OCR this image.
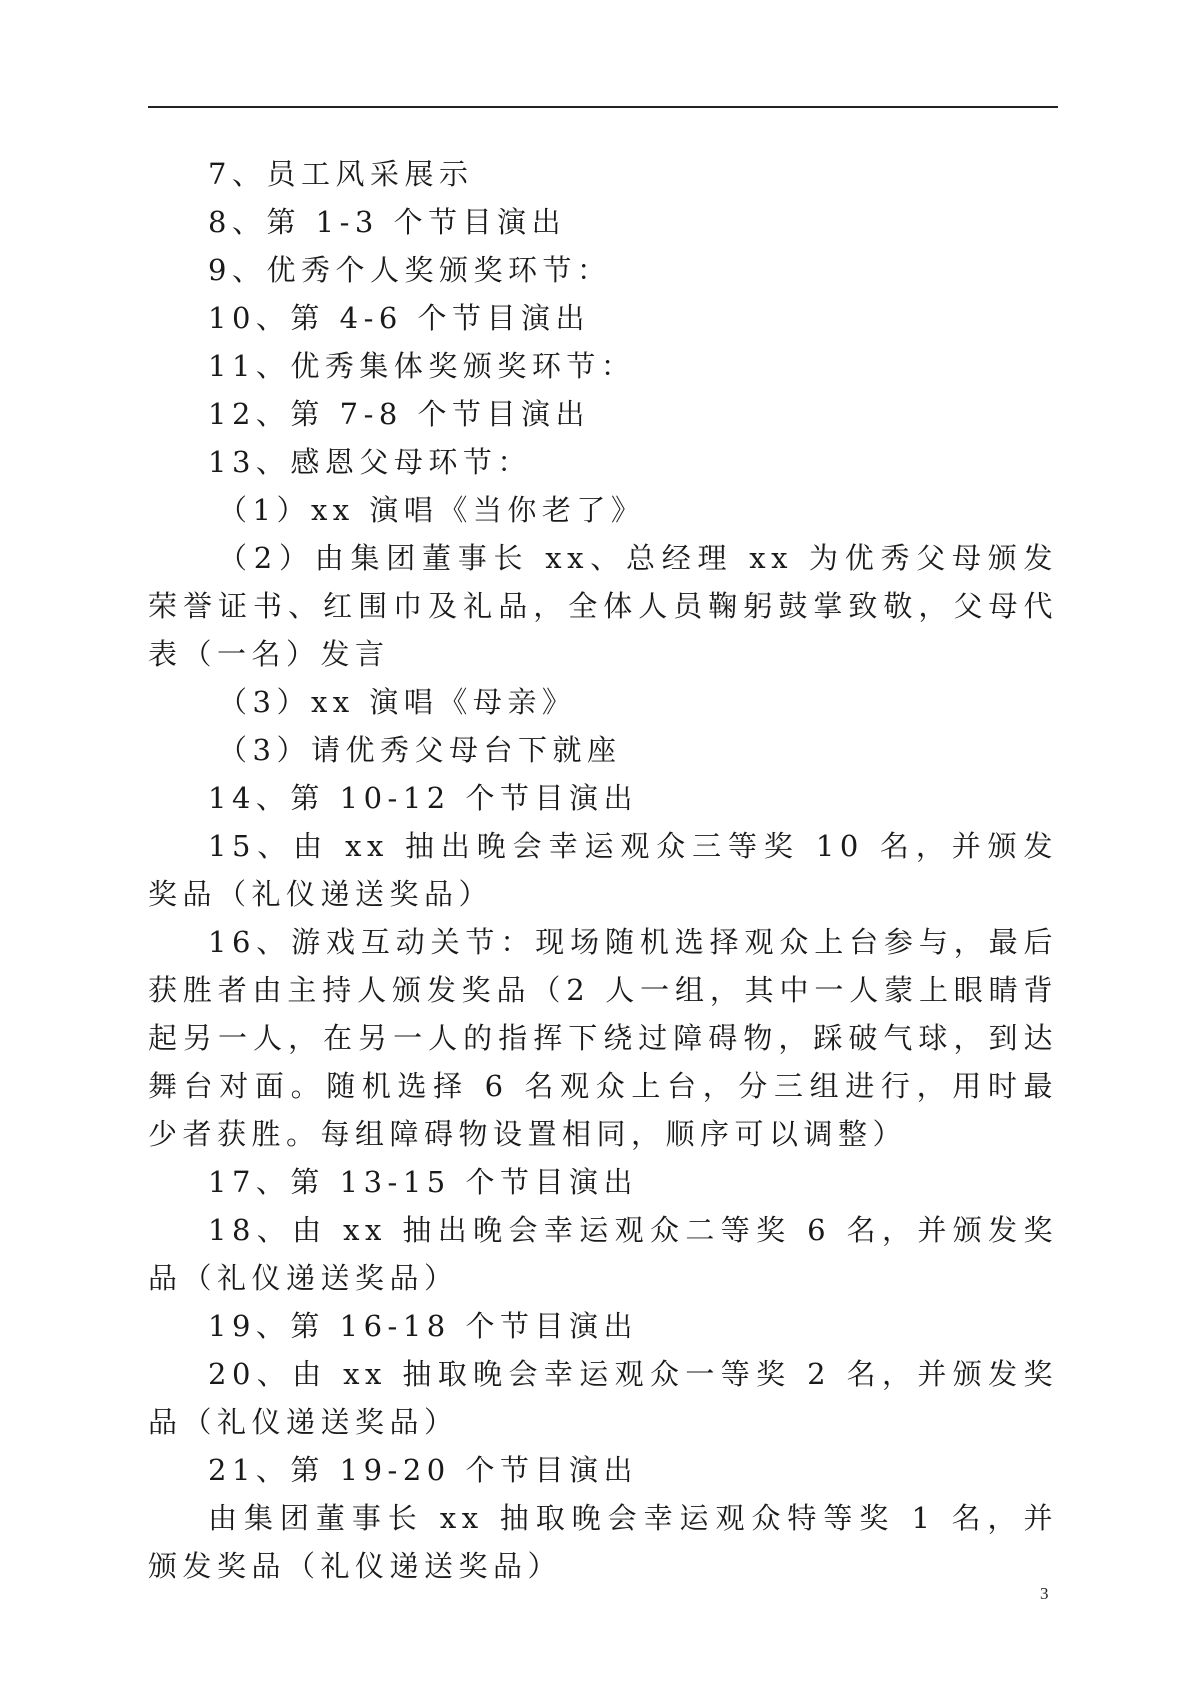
7、员工风采展示

8、第 1-3 个节目演出

9、优秀个人奖颁奖环节：

10、第 4-6 个节目演出

11、优秀集体奖颁奖环节：

12、第 7-8 个节目演出

13、感恩父母环节：

（1）xx 演唱《当你老了》

（2）由集团董事长 xx、总经理 xx 为优秀父母颁发荣誉证书、红围巾及礼品，全体人员鞠躬鼓掌致敬，父母代表（一名）发言

（3）xx 演唱《母亲》

（3）请优秀父母台下就座

14、第 10-12 个节目演出

15、由 xx 抽出晚会幸运观众三等奖 10 名，并颁发奖品（礼仪递送奖品）

16、游戏互动关节：现场随机选择观众上台参与，最后获胜者由主持人颁发奖品（2 人一组，其中一人蒙上眼睛背起另一人，在另一人的指挥下绕过障碍物，踩破气球，到达舞台对面。随机选择 6 名观众上台，分三组进行，用时最少者获胜。每组障碍物设置相同，顺序可以调整）

17、第 13-15 个节目演出

18、由 xx 抽出晚会幸运观众二等奖 6 名，并颁发奖品（礼仪递送奖品）

19、第 16-18 个节目演出

20、由 xx 抽取晚会幸运观众一等奖 2 名，并颁发奖品（礼仪递送奖品）

21、第 19-20 个节目演出

由集团董事长 xx 抽取晚会幸运观众特等奖 1 名，并颁发奖品（礼仪递送奖品）

3
